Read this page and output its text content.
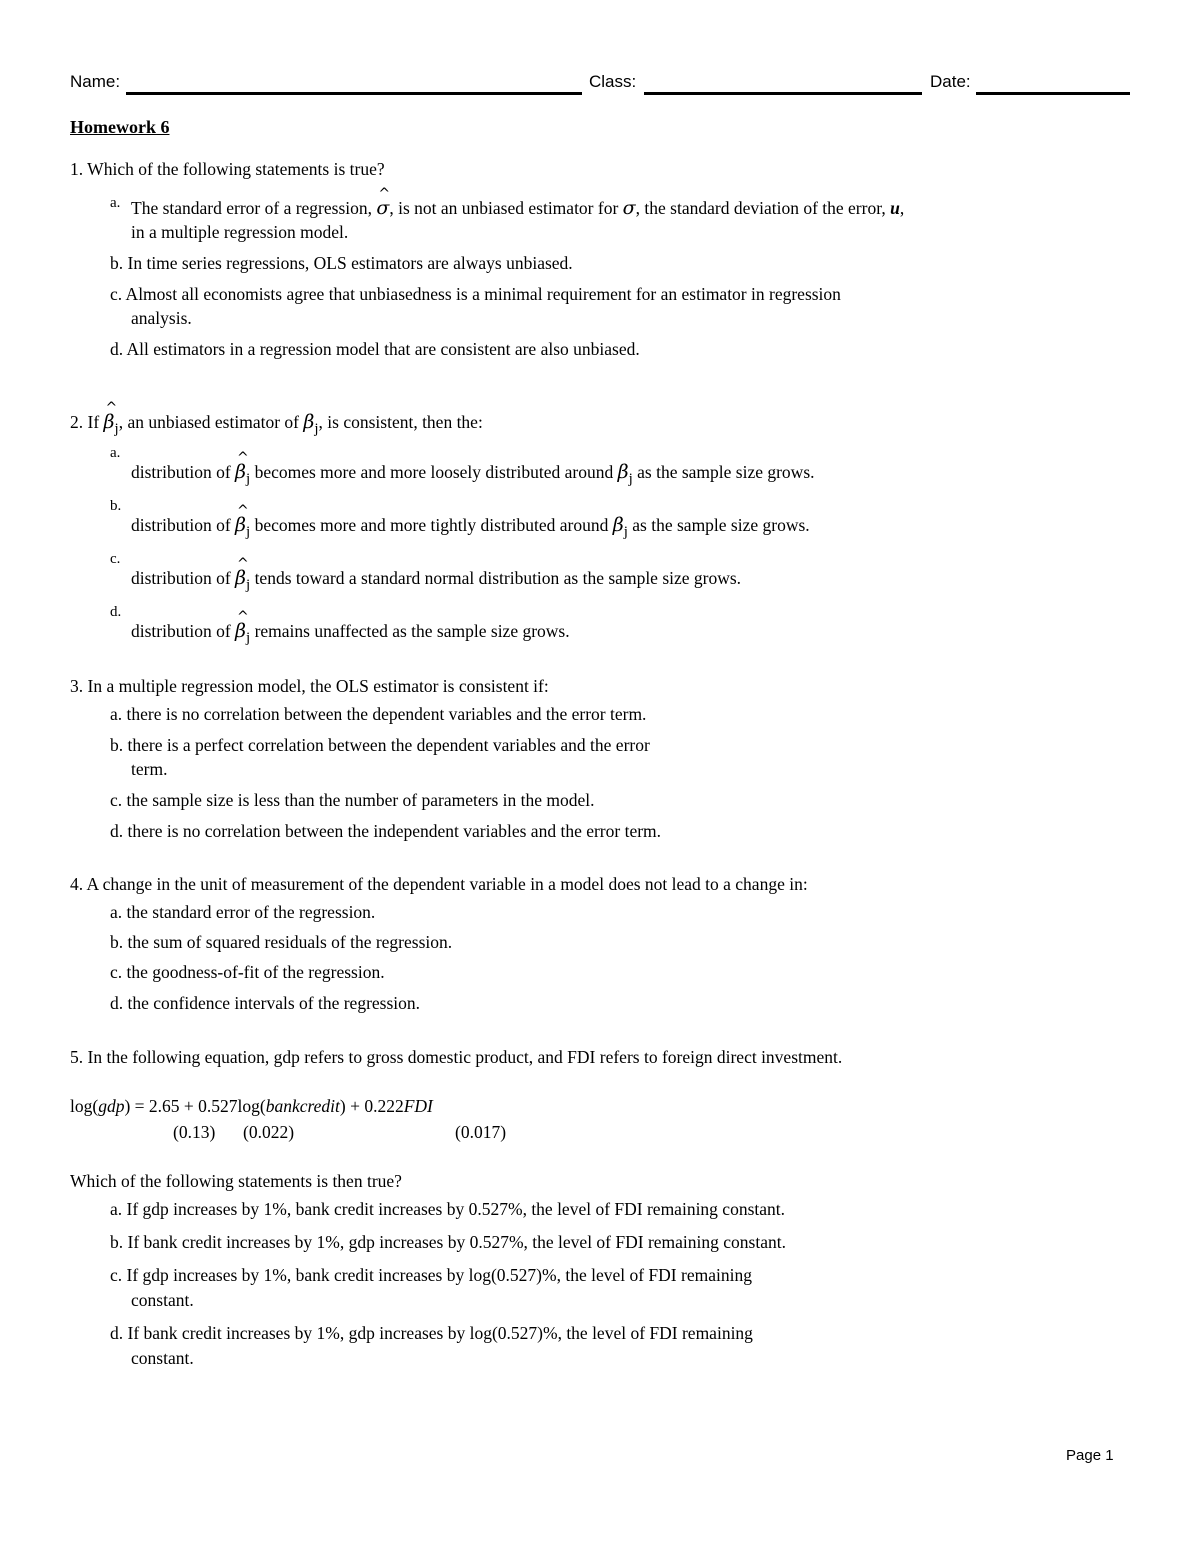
Name:	Class:	Date:
Homework 6
1. Which of the following statements is true?
a. The standard error of a regression,
^
σ, is not an unbiased estimator for σ, the standard deviation of the error, u,
in a multiple regression model.
b. In time series regressions, OLS estimators are always unbiased.
c. Almost all economists agree that unbiasedness is a minimal requirement for an estimator in regression
analysis.
d. All estimators in a regression model that are consistent are also unbiased.
2. If
^
βj, an unbiased estimator of βj, is consistent, then the:
a.
distribution of
^
βj becomes more and more loosely distributed around βj as the sample size grows.
b.
distribution of
^
βj becomes more and more tightly distributed around βj as the sample size grows.
c.
distribution of
^
βj tends toward a standard normal distribution as the sample size grows.
d.
distribution of
^
βj remains unaffected as the sample size grows.
3. In a multiple regression model, the OLS estimator is consistent if:
a. there is no correlation between the dependent variables and the error term.
b. there is a perfect correlation between the dependent variables and the error
term.
c. the sample size is less than the number of parameters in the model.
d. there is no correlation between the independent variables and the error term.
4. A change in the unit of measurement of the dependent variable in a model does not lead to a change in:
a. the standard error of the regression.
b. the sum of squared residuals of the regression.
c. the goodness-of-fit of the regression.
d. the confidence intervals of the regression.
5. In the following equation, gdp refers to gross domestic product, and FDI refers to foreign direct investment.
log(gdp) = 2.65 + 0.527log(bankcredit) + 0.222FDI
(0.13) (0.022)	(0.017)
Which of the following statements is then true?
a. If gdp increases by 1%, bank credit increases by 0.527%, the level of FDI remaining constant.
b. If bank credit increases by 1%, gdp increases by 0.527%, the level of FDI remaining constant.
c. If gdp increases by 1%, bank credit increases by log(0.527)%, the level of FDI remaining
constant.
d. If bank credit increases by 1%, gdp increases by log(0.527)%, the level of FDI remaining
constant.
Page 1
